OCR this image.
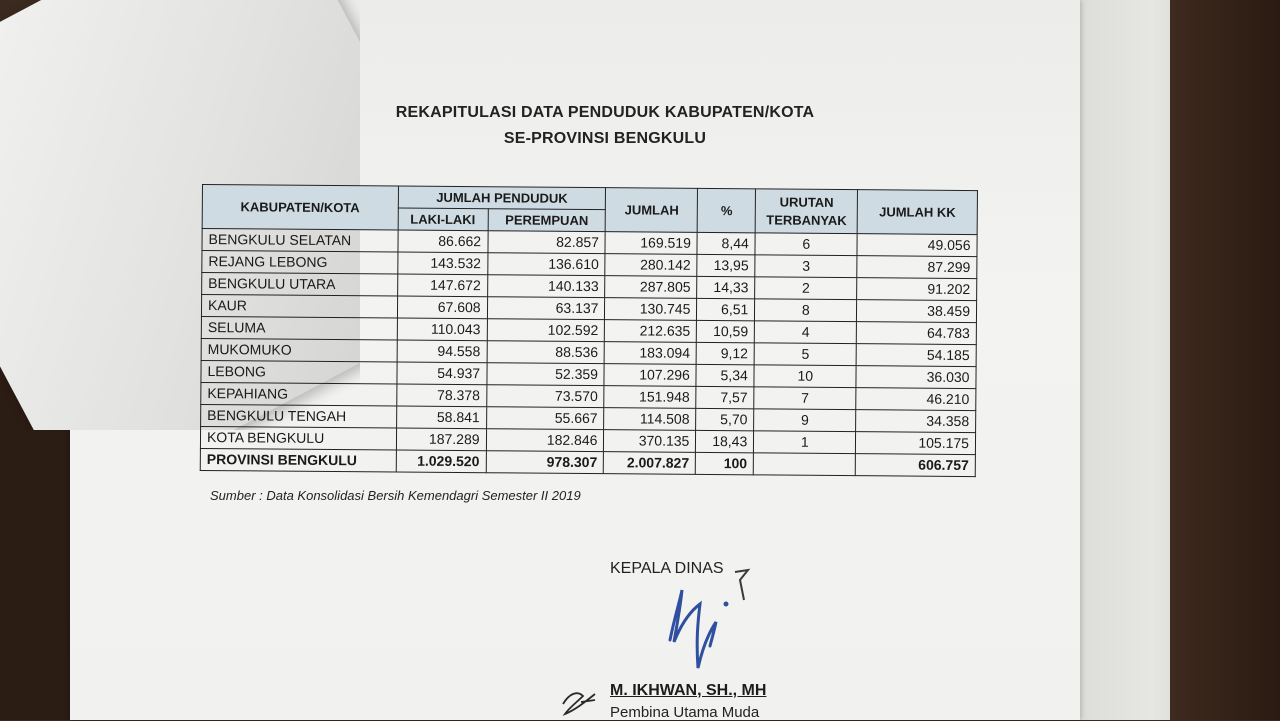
REKAPITULASI DATA PENDUDUK KABUPATEN/KOTA
SE-PROVINSI BENGKULU
KABUPATEN/KOTA	JUMLAH PENDUDUK		JUMLAH	%	URUTAN
TERBANYAK	JUMLAH KK
	LAKI-LAKI	PEREMPUAN				
BENGKULU SELATAN	86.662	82.857	169.519	8,44	6	49.056
REJANG LEBONG	143.532	136.610	280.142	13,95	3	87.299
BENGKULU UTARA	147.672	140.133	287.805	14,33	2	91.202
KAUR	67.608	63.137	130.745	6,51	8	38.459
SELUMA	110.043	102.592	212.635	10,59	4	64.783
MUKOMUKO	94.558	88.536	183.094	9,12	5	54.185
LEBONG	54.937	52.359	107.296	5,34	10	36.030
KEPAHIANG	78.378	73.570	151.948	7,57	7	46.210
BENGKULU TENGAH	58.841	55.667	114.508	5,70	9	34.358
KOTA BENGKULU	187.289	182.846	370.135	18,43	1	105.175
PROVINSI BENGKULU	1.029.520	978.307	2.007.827	100		606.757
Sumber : Data Konsolidasi Bersih Kemendagri Semester II 2019
KEPALA DINAS
M. IKHWAN, SH., MH
Pembina Utama Muda
